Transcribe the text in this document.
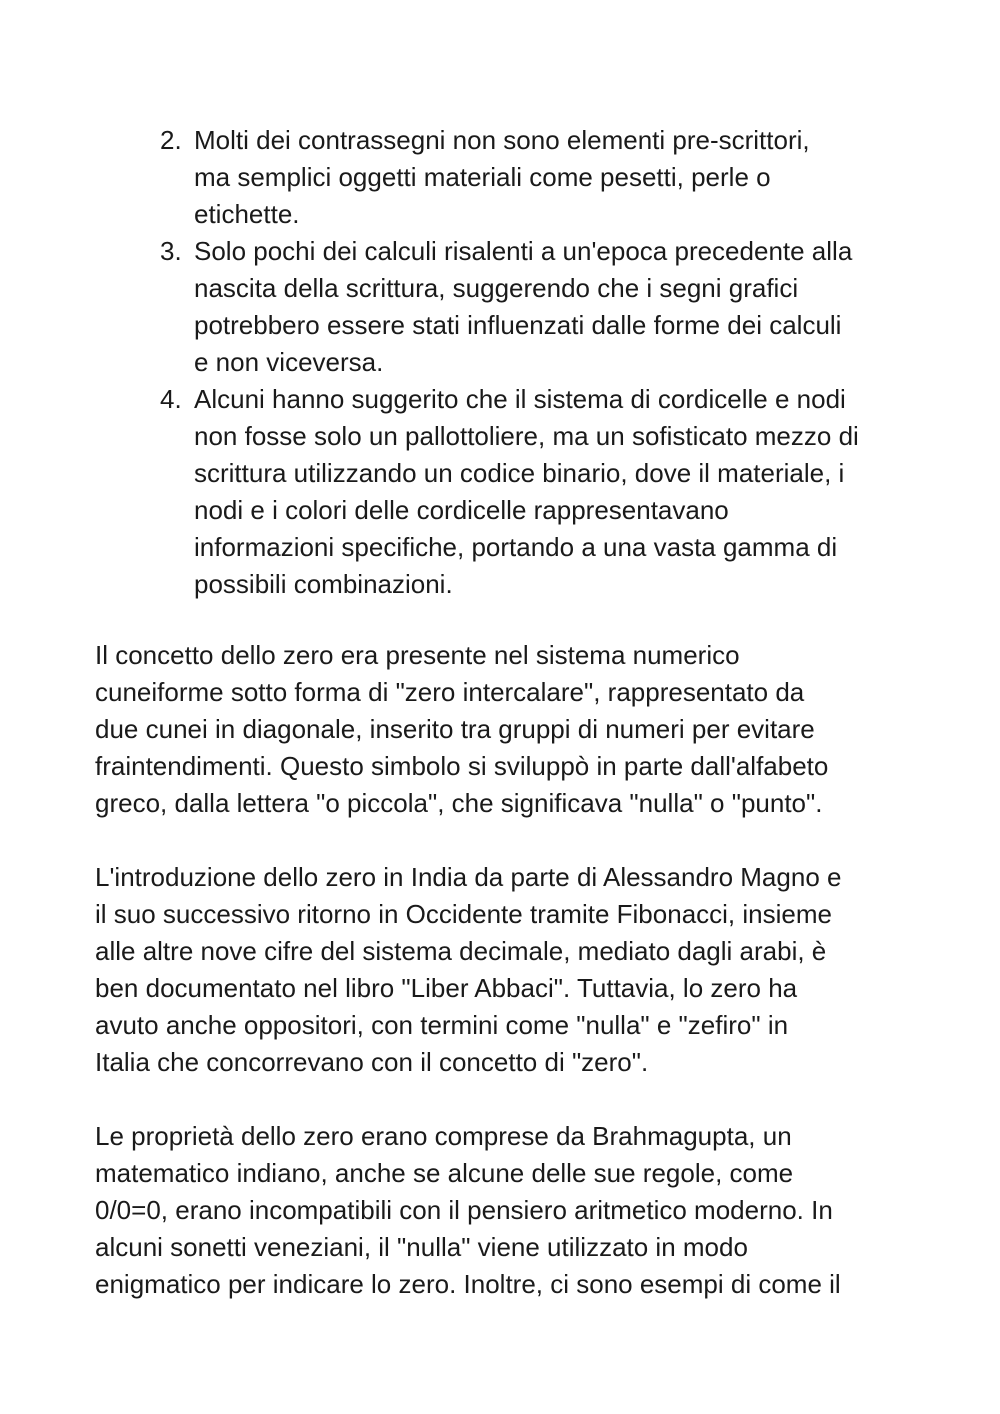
2. Molti dei contrassegni non sono elementi pre-scrittori,
ma semplici oggetti materiali come pesetti, perle o
etichette.
3. Solo pochi dei calculi risalenti a un'epoca precedente alla
nascita della scrittura, suggerendo che i segni grafici
potrebbero essere stati influenzati dalle forme dei calculi
e non viceversa.
4. Alcuni hanno suggerito che il sistema di cordicelle e nodi
non fosse solo un pallottoliere, ma un sofisticato mezzo di
scrittura utilizzando un codice binario, dove il materiale, i
nodi e i colori delle cordicelle rappresentavano
informazioni specifiche, portando a una vasta gamma di
possibili combinazioni.

Il concetto dello zero era presente nel sistema numerico
cuneiforme sotto forma di "zero intercalare", rappresentato da
due cunei in diagonale, inserito tra gruppi di numeri per evitare
fraintendimenti. Questo simbolo si sviluppò in parte dall'alfabeto
greco, dalla lettera "o piccola", che significava "nulla" o "punto".

L'introduzione dello zero in India da parte di Alessandro Magno e
il suo successivo ritorno in Occidente tramite Fibonacci, insieme
alle altre nove cifre del sistema decimale, mediato dagli arabi, è
ben documentato nel libro "Liber Abbaci". Tuttavia, lo zero ha
avuto anche oppositori, con termini come "nulla" e "zefiro" in
Italia che concorrevano con il concetto di "zero".

Le proprietà dello zero erano comprese da Brahmagupta, un
matematico indiano, anche se alcune delle sue regole, come
0/0=0, erano incompatibili con il pensiero aritmetico moderno. In
alcuni sonetti veneziani, il "nulla" viene utilizzato in modo
enigmatico per indicare lo zero. Inoltre, ci sono esempi di come il
